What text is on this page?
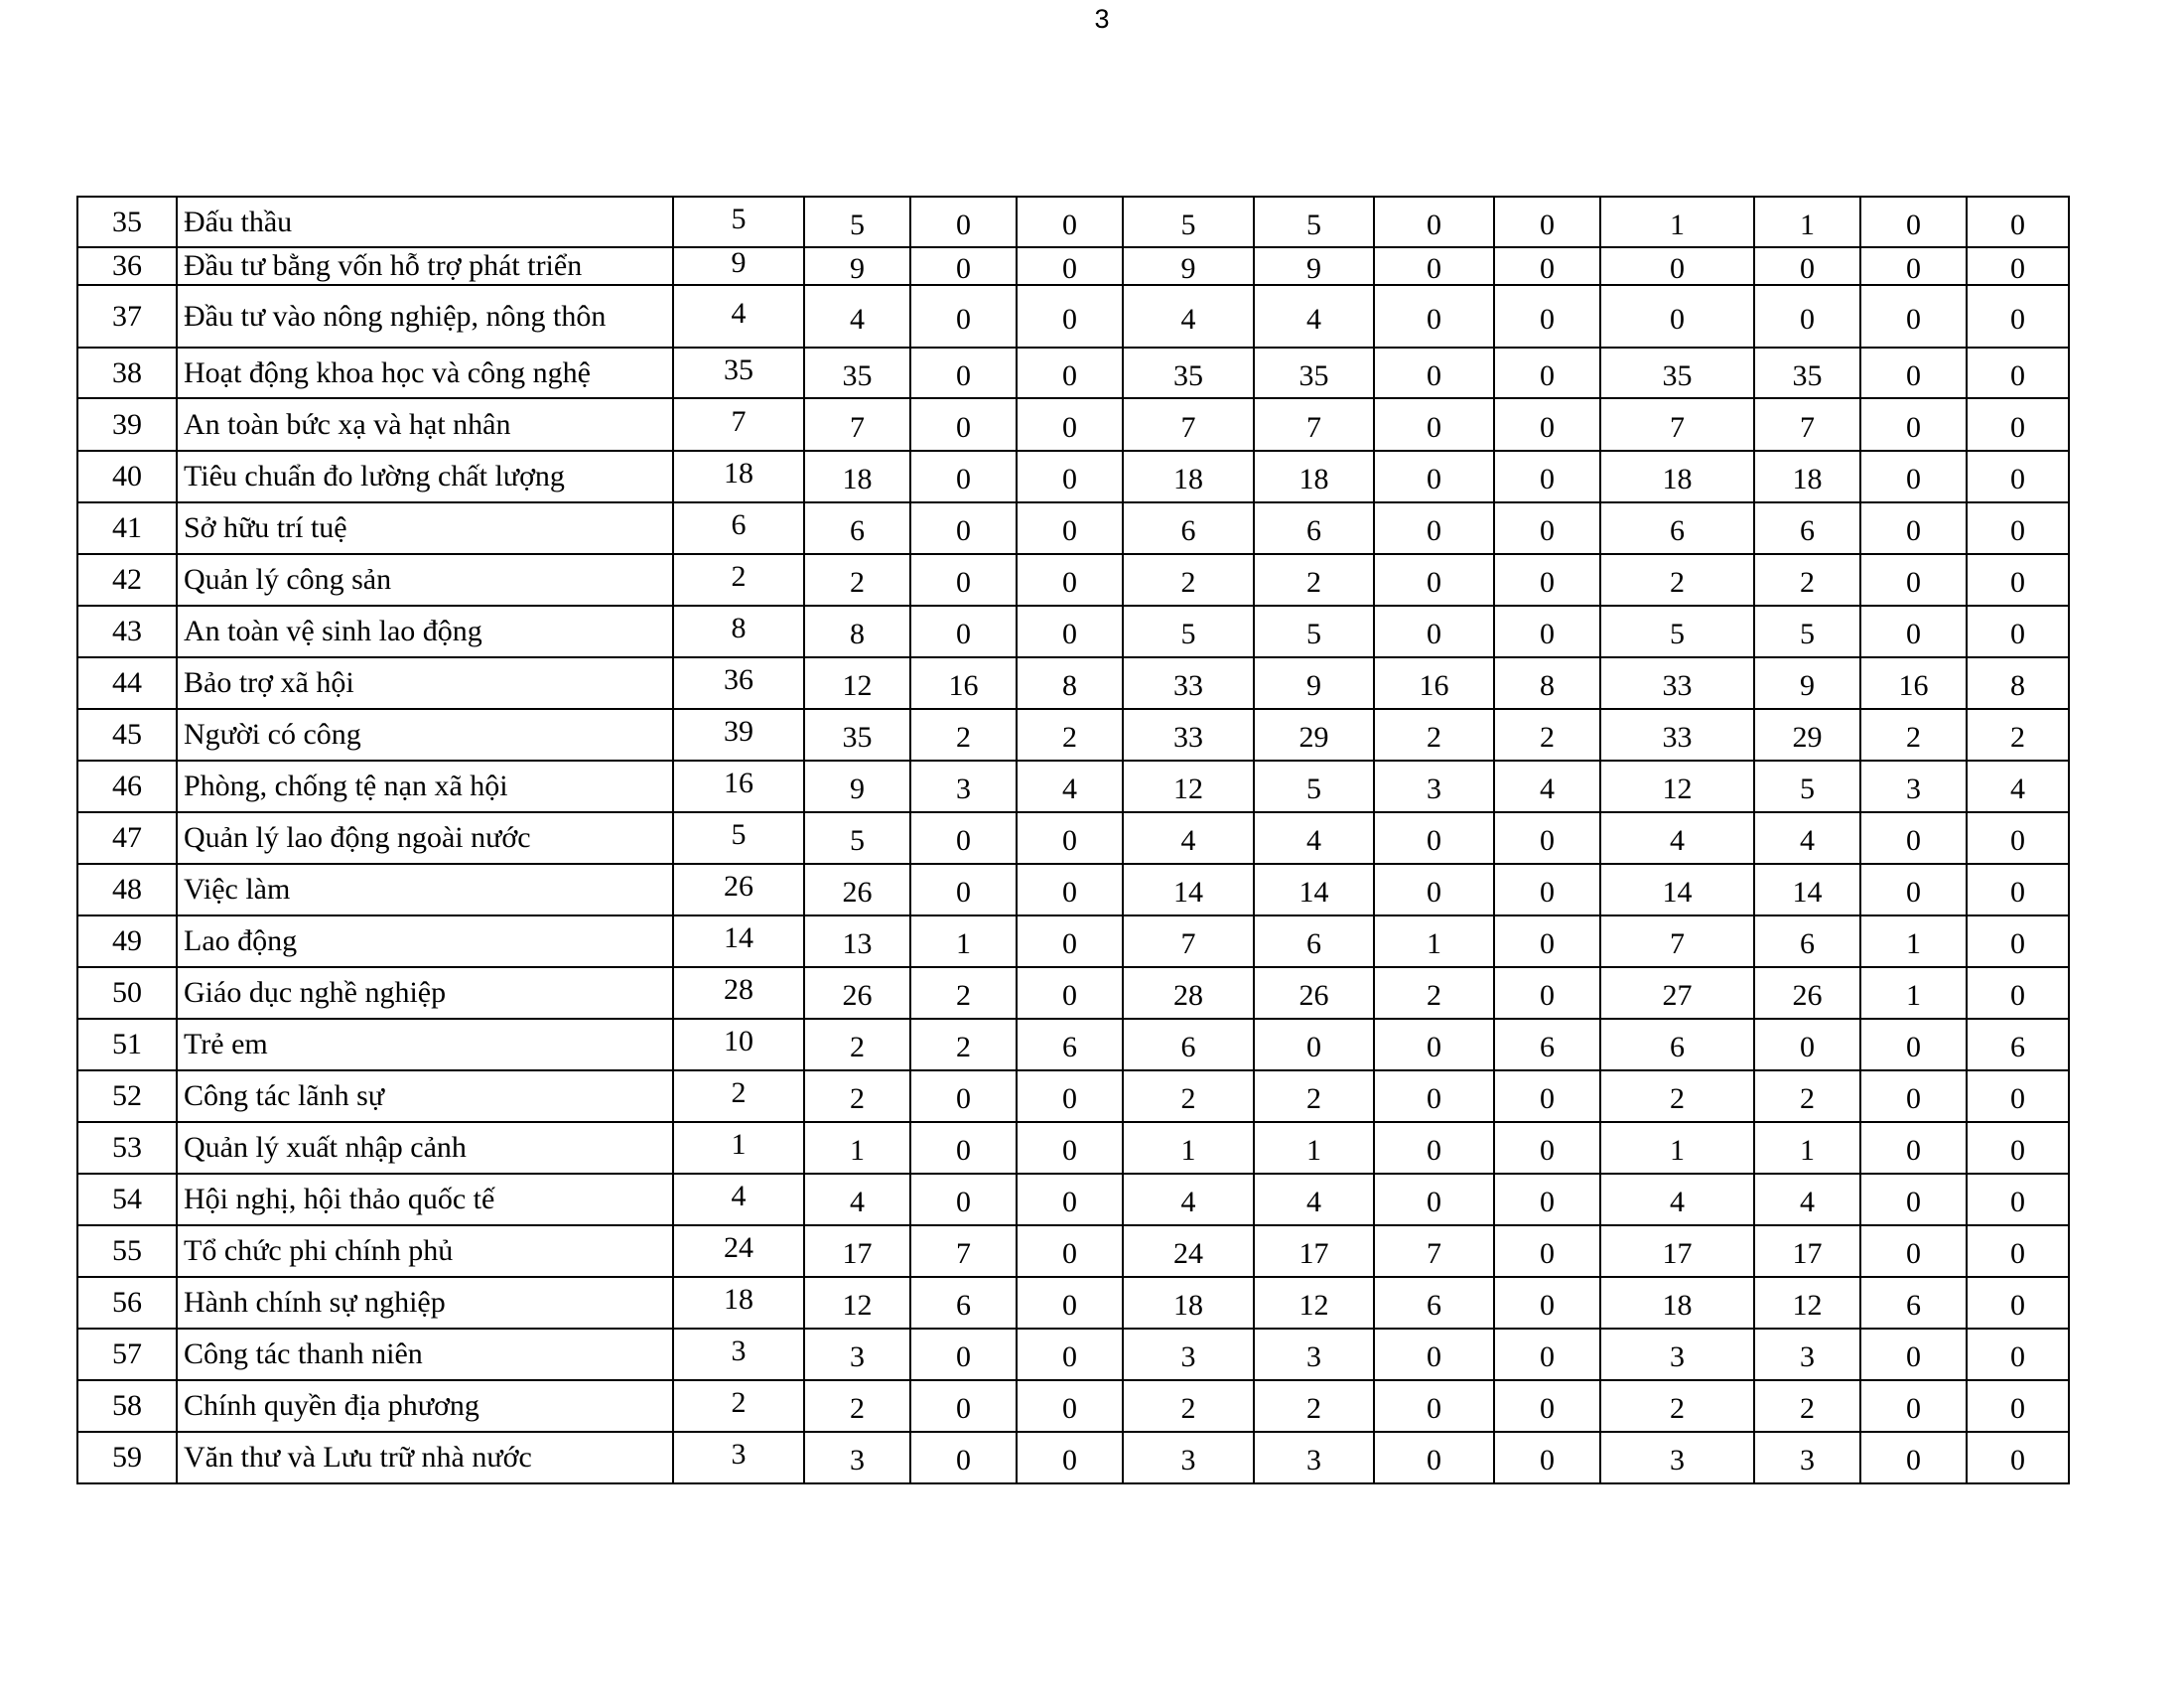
3
35	Đấu thầu	5	5	0	0	5	5	0	0	1	1	0	0
36	Đầu tư bằng vốn hỗ trợ phát triển	9	9	0	0	9	9	0	0	0	0	0	0
37	Đầu tư vào nông nghiệp, nông thôn	4	4	0	0	4	4	0	0	0	0	0	0
38	Hoạt động khoa học và công nghệ	35	35	0	0	35	35	0	0	35	35	0	0
39	An toàn bức xạ và hạt nhân	7	7	0	0	7	7	0	0	7	7	0	0
40	Tiêu chuẩn đo lường chất lượng	18	18	0	0	18	18	0	0	18	18	0	0
41	Sở hữu trí tuệ	6	6	0	0	6	6	0	0	6	6	0	0
42	Quản lý công sản	2	2	0	0	2	2	0	0	2	2	0	0
43	An toàn vệ sinh lao động	8	8	0	0	5	5	0	0	5	5	0	0
44	Bảo trợ xã hội	36	12	16	8	33	9	16	8	33	9	16	8
45	Người có công	39	35	2	2	33	29	2	2	33	29	2	2
46	Phòng, chống tệ nạn xã hội	16	9	3	4	12	5	3	4	12	5	3	4
47	Quản lý lao động ngoài nước	5	5	0	0	4	4	0	0	4	4	0	0
48	Việc làm	26	26	0	0	14	14	0	0	14	14	0	0
49	Lao động	14	13	1	0	7	6	1	0	7	6	1	0
50	Giáo dục nghề nghiệp	28	26	2	0	28	26	2	0	27	26	1	0
51	Trẻ em	10	2	2	6	6	0	0	6	6	0	0	6
52	Công tác lãnh sự	2	2	0	0	2	2	0	0	2	2	0	0
53	Quản lý xuất nhập cảnh	1	1	0	0	1	1	0	0	1	1	0	0
54	Hội nghị, hội thảo quốc tế	4	4	0	0	4	4	0	0	4	4	0	0
55	Tổ chức phi chính phủ	24	17	7	0	24	17	7	0	17	17	0	0
56	Hành chính sự nghiệp	18	12	6	0	18	12	6	0	18	12	6	0
57	Công tác thanh niên	3	3	0	0	3	3	0	0	3	3	0	0
58	Chính quyền địa phương	2	2	0	0	2	2	0	0	2	2	0	0
59	Văn thư và Lưu trữ nhà nước	3	3	0	0	3	3	0	0	3	3	0	0
